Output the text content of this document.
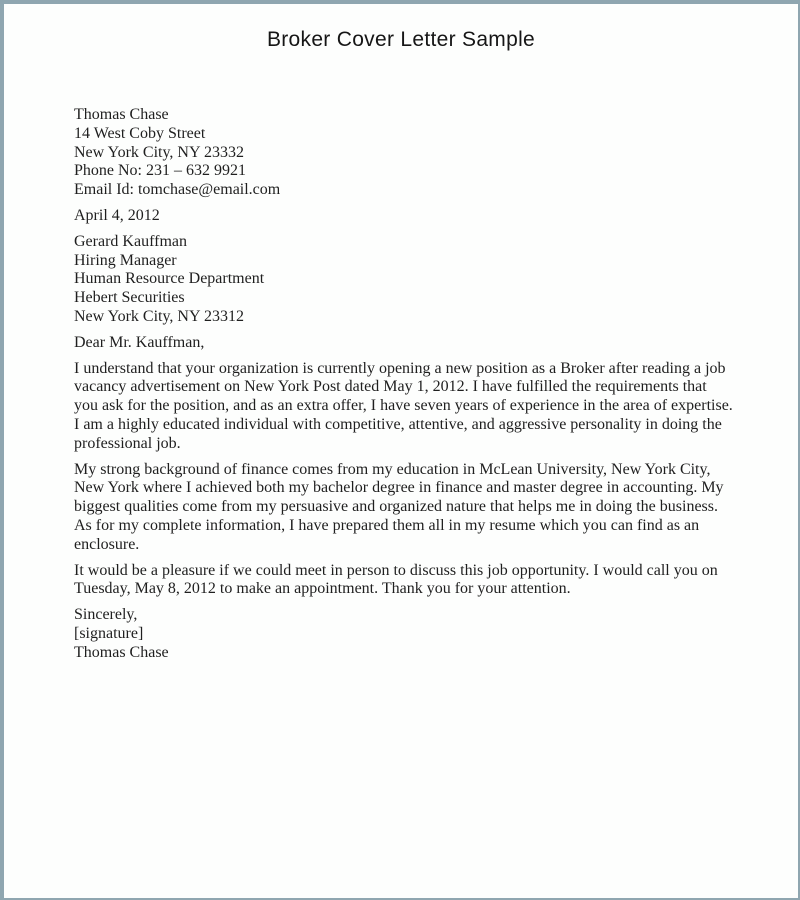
Broker Cover Letter Sample
Thomas Chase
14 West Coby Street
New York City, NY 23332
Phone No: 231 – 632 9921
Email Id: tomchase@email.com
April 4, 2012
Gerard Kauffman
Hiring Manager
Human Resource Department
Hebert Securities
New York City, NY 23312
Dear Mr. Kauffman,

I understand that your organization is currently opening a new position as a Broker after reading a job vacancy advertisement on New York Post dated May 1, 2012. I have fulfilled the requirements that you ask for the position, and as an extra offer, I have seven years of experience in the area of expertise. I am a highly educated individual with competitive, attentive, and aggressive personality in doing the professional job.

My strong background of finance comes from my education in McLean University, New York City, New York where I achieved both my bachelor degree in finance and master degree in accounting. My biggest qualities come from my persuasive and organized nature that helps me in doing the business. As for my complete information, I have prepared them all in my resume which you can find as an enclosure.

It would be a pleasure if we could meet in person to discuss this job opportunity. I would call you on Tuesday, May 8, 2012 to make an appointment. Thank you for your attention.

Sincerely,
[signature]
Thomas Chase
